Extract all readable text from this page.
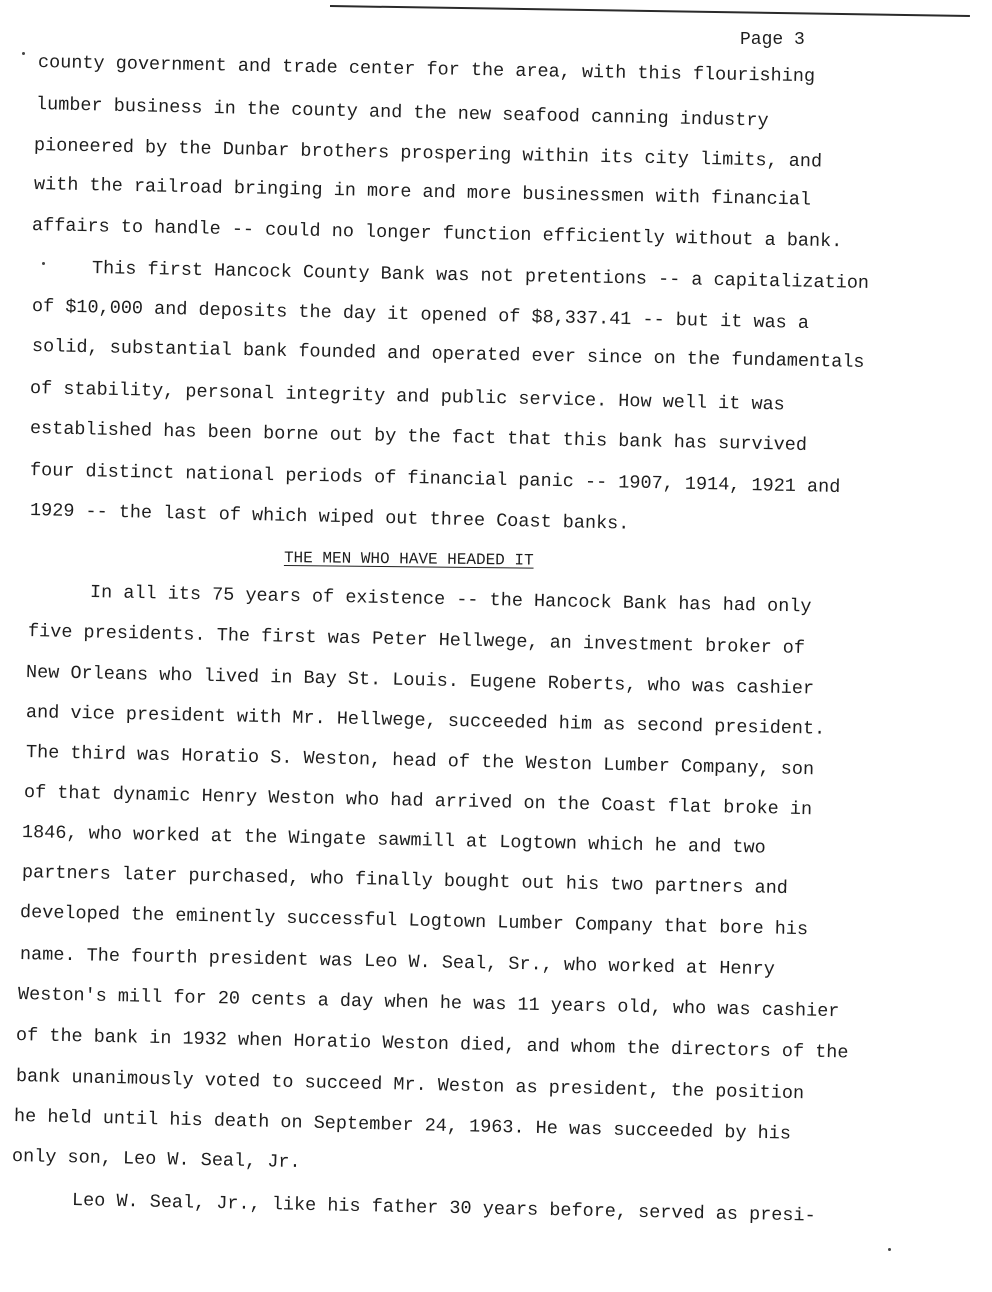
Page 3
county government and trade center for the area, with this flourishing
lumber business in the county and the new seafood canning industry
pioneered by the Dunbar brothers prospering within its city limits, and
with the railroad bringing in more and more businessmen with financial
affairs to handle -- could no longer function efficiently without a bank.
This first Hancock County Bank was not pretentions -- a capitalization
of $10,000 and deposits the day it opened of $8,337.41 -- but it was a
solid, substantial bank founded and operated ever since on the fundamentals
of stability, personal integrity and public service. How well it was
established has been borne out by the fact that this bank has survived
four distinct national periods of financial panic -- 1907, 1914, 1921 and
1929 -- the last of which wiped out three Coast banks.
THE MEN WHO HAVE HEADED IT
In all its 75 years of existence -- the Hancock Bank has had only
five presidents. The first was Peter Hellwege, an investment broker of
New Orleans who lived in Bay St. Louis. Eugene Roberts, who was cashier
and vice president with Mr. Hellwege, succeeded him as second president.
The third was Horatio S. Weston, head of the Weston Lumber Company, son
of that dynamic Henry Weston who had arrived on the Coast flat broke in
1846, who worked at the Wingate sawmill at Logtown which he and two
partners later purchased, who finally bought out his two partners and
developed the eminently successful Logtown Lumber Company that bore his
name. The fourth president was Leo W. Seal, Sr., who worked at Henry
Weston's mill for 20 cents a day when he was 11 years old, who was cashier
of the bank in 1932 when Horatio Weston died, and whom the directors of the
bank unanimously voted to succeed Mr. Weston as president, the position
he held until his death on September 24, 1963. He was succeeded by his
only son, Leo W. Seal, Jr.
Leo W. Seal, Jr., like his father 30 years before, served as presi-
